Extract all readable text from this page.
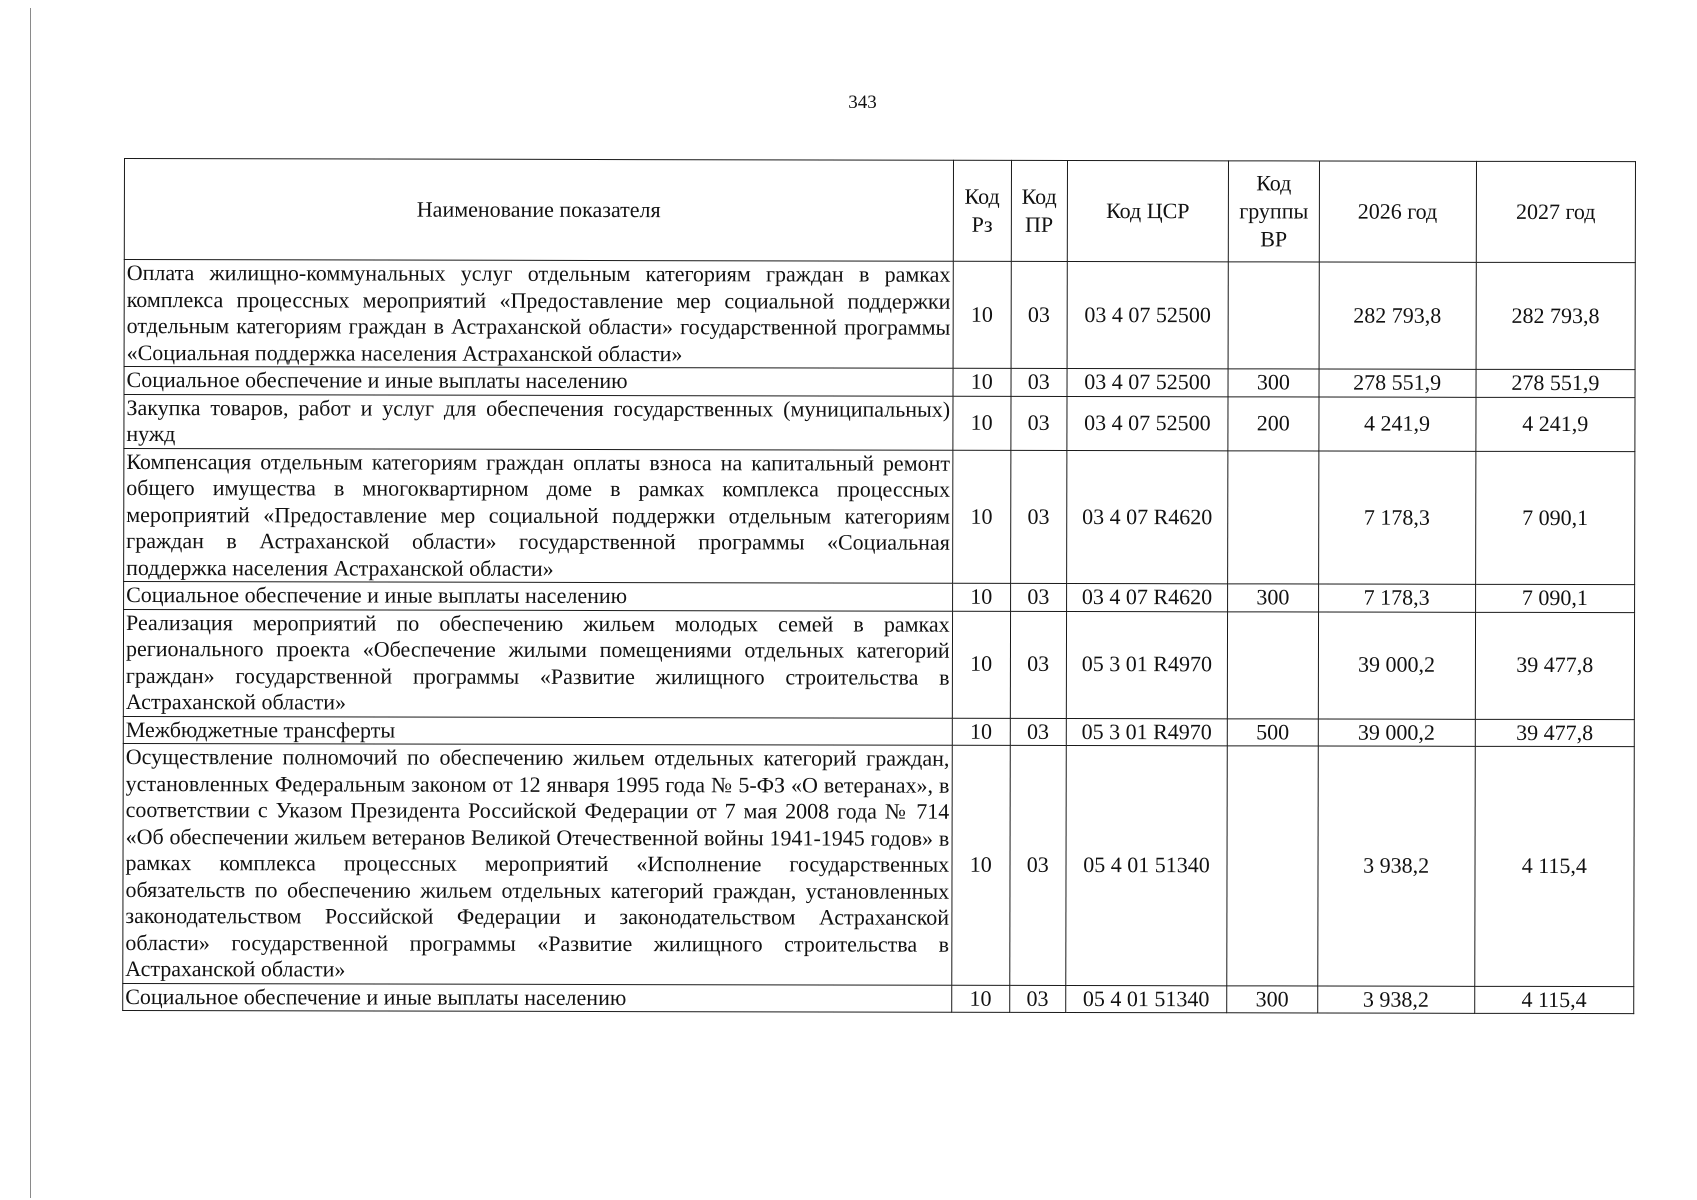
343
Наименование показателя	Код Рз	Код ПР	Код ЦСР	Код группы ВР	2026 год	2027 год
Оплата жилищно-коммунальных услуг отдельным категориям граждан в рамках комплекса процессных мероприятий «Предоставление мер социальной поддержки отдельным категориям граждан в Астраханской области» государственной программы «Социальная поддержка населения Астраханской области»	10	03	03 4 07 52500		282 793,8	282 793,8
Социальное обеспечение и иные выплаты населению	10	03	03 4 07 52500	300	278 551,9	278 551,9
Закупка товаров, работ и услуг для обеспечения государственных (муниципальных) нужд	10	03	03 4 07 52500	200	4 241,9	4 241,9
Компенсация отдельным категориям граждан оплаты взноса на капитальный ремонт общего имущества в многоквартирном доме в рамках комплекса процессных мероприятий «Предоставление мер социальной поддержки отдельным категориям граждан в Астраханской области» государственной программы «Социальная поддержка населения Астраханской области»	10	03	03 4 07 R4620		7 178,3	7 090,1
Социальное обеспечение и иные выплаты населению	10	03	03 4 07 R4620	300	7 178,3	7 090,1
Реализация мероприятий по обеспечению жильем молодых семей в рамках регионального проекта «Обеспечение жилыми помещениями отдельных категорий граждан» государственной программы «Развитие жилищного строительства в Астраханской области»	10	03	05 3 01 R4970		39 000,2	39 477,8
Межбюджетные трансферты	10	03	05 3 01 R4970	500	39 000,2	39 477,8
Осуществление полномочий по обеспечению жильем отдельных категорий граждан, установленных Федеральным законом от 12 января 1995 года № 5-ФЗ «О ветеранах», в соответствии с Указом Президента Российской Федерации от 7 мая 2008 года № 714 «Об обеспечении жильем ветеранов Великой Отечественной войны 1941-1945 годов» в рамках комплекса процессных мероприятий «Исполнение государственных обязательств по обеспечению жильем отдельных категорий граждан, установленных законодательством Российской Федерации и законодательством Астраханской области» государственной программы «Развитие жилищного строительства в Астраханской области»	10	03	05 4 01 51340		3 938,2	4 115,4
Социальное обеспечение и иные выплаты населению	10	03	05 4 01 51340	300	3 938,2	4 115,4
